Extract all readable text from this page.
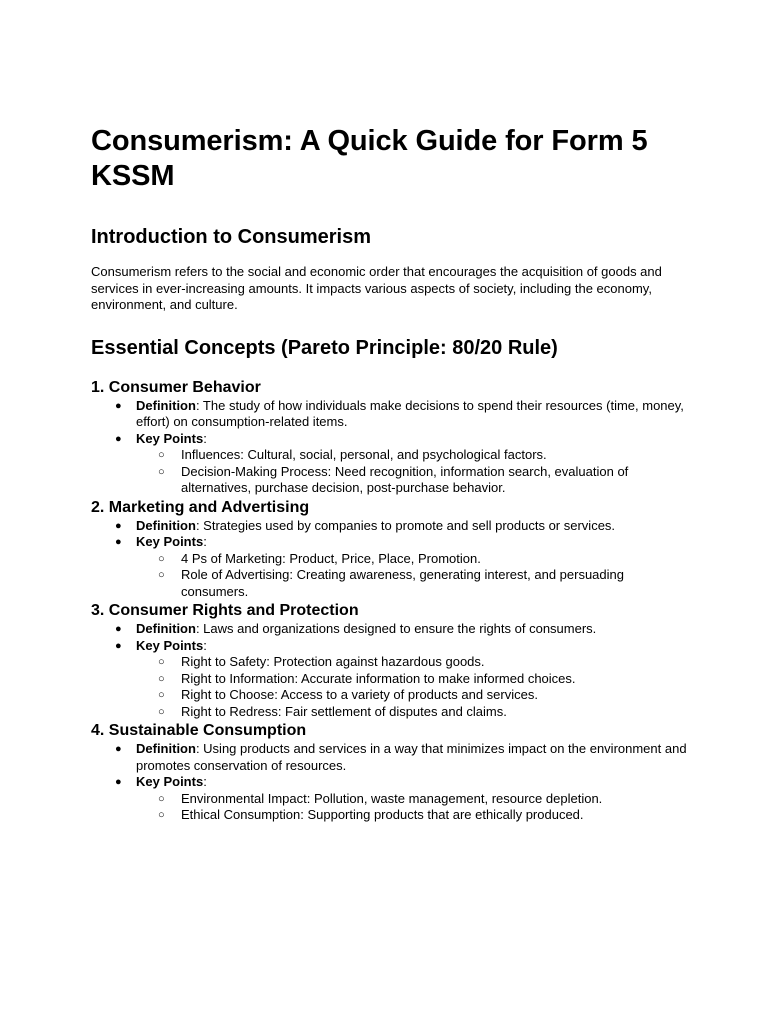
Consumerism: A Quick Guide for Form 5 KSSM
Introduction to Consumerism

Consumerism refers to the social and economic order that encourages the acquisition of goods and services in ever-increasing amounts. It impacts various aspects of society, including the economy, environment, and culture.

Essential Concepts (Pareto Principle: 80/20 Rule)
1. Consumer Behavior
● Definition: The study of how individuals make decisions to spend their resources (time, money, effort) on consumption-related items.
● Key Points:
○ Influences: Cultural, social, personal, and psychological factors.
○ Decision-Making Process: Need recognition, information search, evaluation of alternatives, purchase decision, post-purchase behavior.
2. Marketing and Advertising
● Definition: Strategies used by companies to promote and sell products or services.
● Key Points:
○ 4 Ps of Marketing: Product, Price, Place, Promotion.
○ Role of Advertising: Creating awareness, generating interest, and persuading consumers.
3. Consumer Rights and Protection
● Definition: Laws and organizations designed to ensure the rights of consumers.
● Key Points:
○ Right to Safety: Protection against hazardous goods.
○ Right to Information: Accurate information to make informed choices.
○ Right to Choose: Access to a variety of products and services.
○ Right to Redress: Fair settlement of disputes and claims.
4. Sustainable Consumption
● Definition: Using products and services in a way that minimizes impact on the environment and promotes conservation of resources.
● Key Points:
○ Environmental Impact: Pollution, waste management, resource depletion.
○ Ethical Consumption: Supporting products that are ethically produced.
